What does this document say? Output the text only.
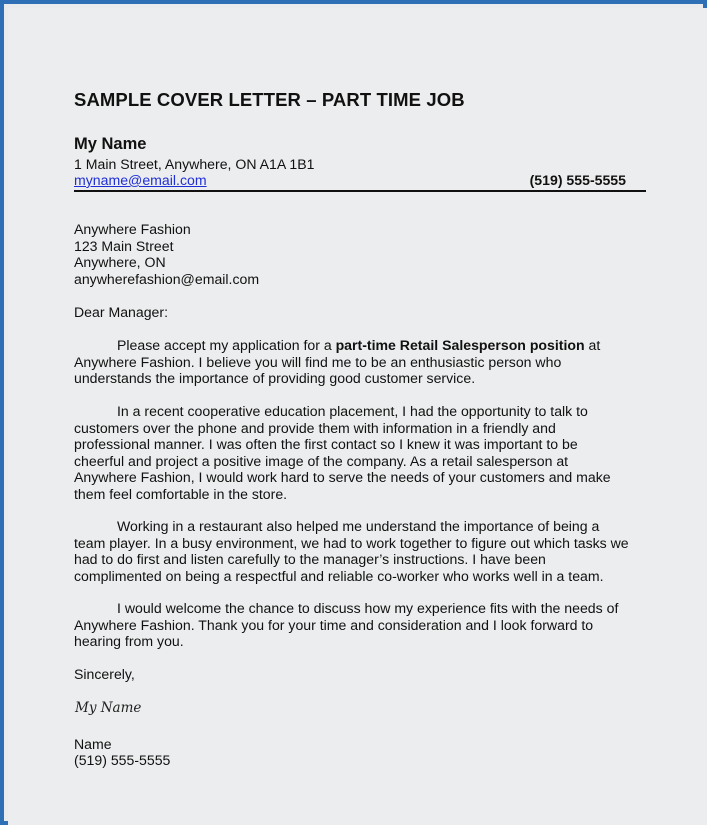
SAMPLE COVER LETTER – PART TIME JOB
My Name
1 Main Street, Anywhere, ON A1A 1B1
myname@email.com	(519) 555-5555
Anywhere Fashion
123 Main Street
Anywhere, ON
anywherefashion@email.com
Dear Manager:

Please accept my application for a part-time Retail Salesperson position at Anywhere Fashion. I believe you will find me to be an enthusiastic person who understands the importance of providing good customer service.

In a recent cooperative education placement, I had the opportunity to talk to customers over the phone and provide them with information in a friendly and professional manner. I was often the first contact so I knew it was important to be cheerful and project a positive image of the company. As a retail salesperson at Anywhere Fashion, I would work hard to serve the needs of your customers and make them feel comfortable in the store.

Working in a restaurant also helped me understand the importance of being a team player. In a busy environment, we had to work together to figure out which tasks we had to do first and listen carefully to the manager’s instructions. I have been complimented on being a respectful and reliable co-worker who works well in a team.

I would welcome the chance to discuss how my experience fits with the needs of Anywhere Fashion. Thank you for your time and consideration and I look forward to hearing from you.

Sincerely,
My Name
Name
(519) 555-5555
